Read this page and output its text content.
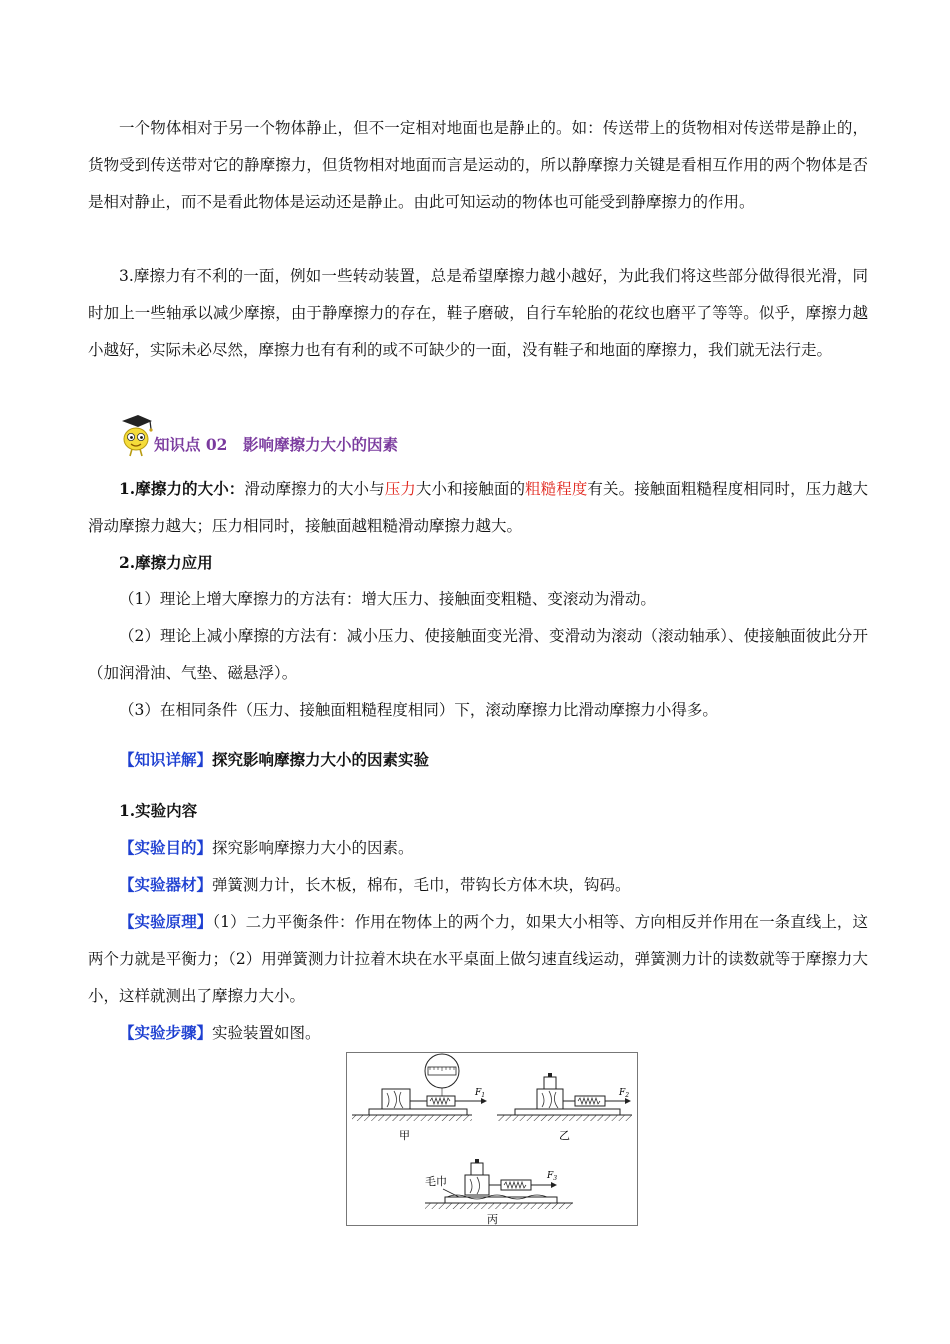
一个物体相对于另一个物体静止，但不一定相对地面也是静止的。如：传送带上的货物相对传送带是静止的，货物受到传送带对它的静摩擦力，但货物相对地面而言是运动的，所以静摩擦力关键是看相互作用的两个物体是否是相对静止，而不是看此物体是运动还是静止。由此可知运动的物体也可能受到静摩擦力的作用。
3.摩擦力有不利的一面，例如一些转动装置，总是希望摩擦力越小越好，为此我们将这些部分做得很光滑，同时加上一些轴承以减少摩擦，由于静摩擦力的存在，鞋子磨破，自行车轮胎的花纹也磨平了等等。似乎，摩擦力越小越好，实际未必尽然，摩擦力也有有利的或不可缺少的一面，没有鞋子和地面的摩擦力，我们就无法行走。
知识点 02　影响摩擦力大小的因素
1.摩擦力的大小：滑动摩擦力的大小与压力大小和接触面的粗糙程度有关。接触面粗糙程度相同时，压力越大滑动摩擦力越大；压力相同时，接触面越粗糙滑动摩擦力越大。
2.摩擦力应用
（1）理论上增大摩擦力的方法有：增大压力、接触面变粗糙、变滚动为滑动。
（2）理论上减小摩擦的方法有：减小压力、使接触面变光滑、变滑动为滚动（滚动轴承）、使接触面彼此分开（加润滑油、气垫、磁悬浮）。
（3）在相同条件（压力、接触面粗糙程度相同）下，滚动摩擦力比滑动摩擦力小得多。
【知识详解】探究影响摩擦力大小的因素实验
1.实验内容
【实验目的】探究影响摩擦力大小的因素。
【实验器材】弹簧测力计，长木板，棉布，毛巾，带钩长方体木块，钩码。
【实验原理】（1）二力平衡条件：作用在物体上的两个力，如果大小相等、方向相反并作用在一条直线上，这两个力就是平衡力；（2）用弹簧测力计拉着木块在水平桌面上做匀速直线运动，弹簧测力计的读数就等于摩擦力大小，这样就测出了摩擦力大小。
【实验步骤】实验装置如图。
$F_1$
甲
$F_2$
乙
$F_3$
毛巾
丙
